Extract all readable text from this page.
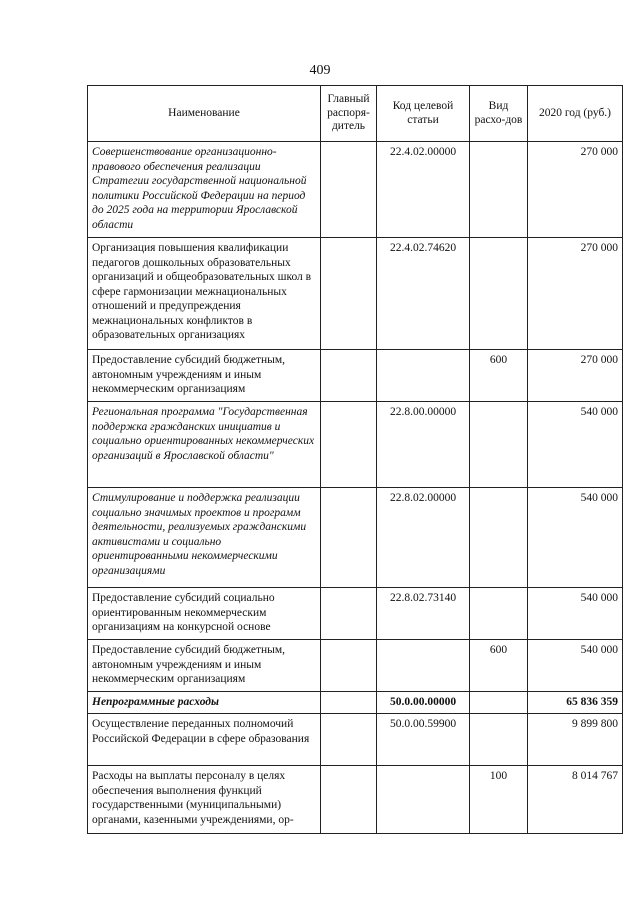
409
Наименование	Главный распоря-дитель	Код целевой статьи	Вид расхо-дов	2020 год (руб.)
Совершенствование организационно-правового обеспечения реализации Стратегии государственной национальной политики Российской Федерации на период до 2025 года на территории Ярославской области		22.4.02.00000		270 000
Организация повышения квалификации педагогов дошкольных образовательных организаций и общеобразовательных школ в сфере гармонизации межнациональных отношений и предупреждения межнациональных конфликтов в образовательных организациях		22.4.02.74620		270 000
Предоставление субсидий бюджетным, автономным учреждениям и иным некоммерческим организациям			600	270 000
Региональная программа "Государственная поддержка гражданских инициатив и социально ориентированных некоммерческих организаций в Ярославской области"		22.8.00.00000		540 000
Стимулирование и поддержка реализации социально значимых проектов и программ деятельности, реализуемых гражданскими активистами и социально ориентированными некоммерческими организациями		22.8.02.00000		540 000
Предоставление субсидий социально ориентированным некоммерческим организациям на конкурсной основе		22.8.02.73140		540 000
Предоставление субсидий бюджетным, автономным учреждениям и иным некоммерческим организациям			600	540 000
Непрограммные расходы		50.0.00.00000		65 836 359
Осуществление переданных полномочий Российской Федерации в сфере образования		50.0.00.59900		9 899 800
Расходы на выплаты персоналу в целях обеспечения выполнения функций государственными (муниципальными) органами, казенными учреждениями, ор-			100	8 014 767
